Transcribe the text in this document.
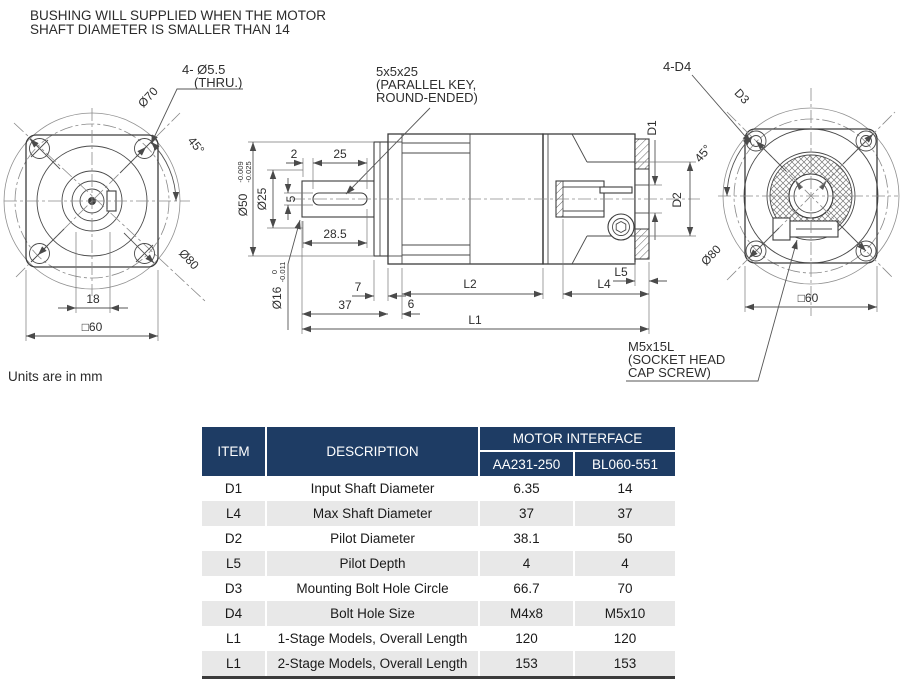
BUSHING WILL SUPPLIED WHEN THE MOTOR
SHAFT DIAMETER IS SMALLER THAN 14
45°
Ø70
Ø80
4- Ø5.5
(THRU.)
18
□60
5x5x25
(PARALLEL KEY,
ROUND-ENDED)
2	25
Ø50
-0.009 -0.025
Ø25 5
28.5
Ø16
0 -0.011
7
37	6
L2	L4
L5
L1
D1
D2
45°
4-D4
D3
Ø80
□60
M5x15L
(SOCKET HEAD
CAP SCREW)
Units are in mm
ITEM	DESCRIPTION	MOTOR INTERFACE	
		AA231-250	BL060-551
D1	Input Shaft Diameter	6.35	14
L4	Max Shaft Diameter	37	37
D2	Pilot Diameter	38.1	50
L5	Pilot Depth	4	4
D3	Mounting Bolt Hole Circle	66.7	70
D4	Bolt Hole Size	M4x8	M5x10
L1	1-Stage Models, Overall Length	120	120
L1	2-Stage Models, Overall Length	153	153
